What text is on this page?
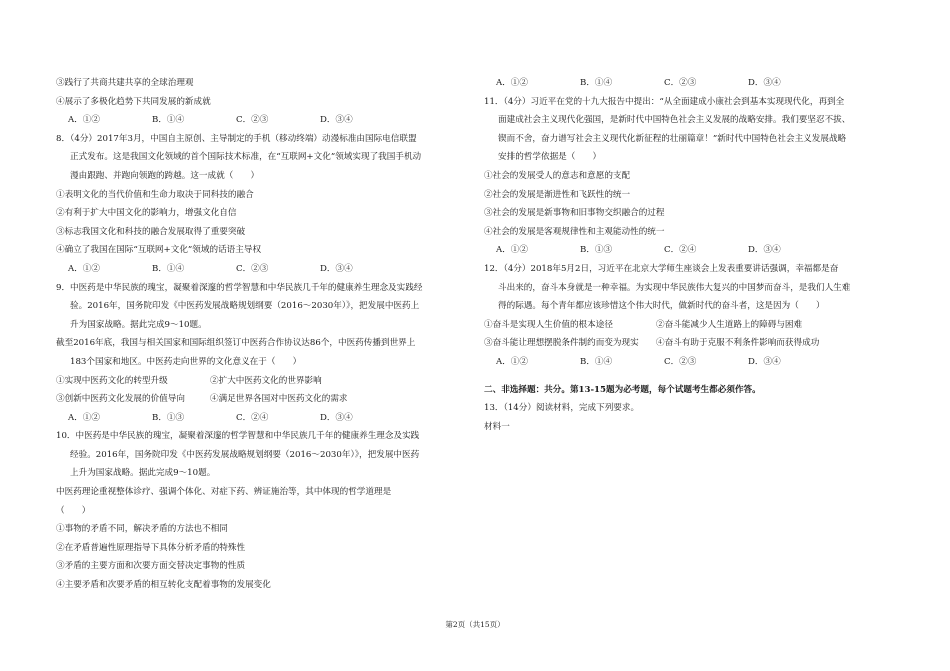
③践行了共商共建共享的全球治理观
④展示了多极化趋势下共同发展的新成就
A．①②	B．①④	C．②③	D．③④
8．（4分）2017年3月，中国自主原创、主导制定的手机（移动终端）动漫标准由国际电信联盟
正式发布。这是我国文化领域的首个国际技术标准，在“互联网+文化”领域实现了我国手机动
漫由跟跑、并跑向领跑的跨越。这一成就（　　）
①表明文化的当代价值和生命力取决于同科技的融合
②有利于扩大中国文化的影响力，增强文化自信
③标志我国文化和科技的融合发展取得了重要突破
④确立了我国在国际“互联网+文化”领域的话语主导权
A．①②	B．①④	C．②③	D．③④
9．中医药是中华民族的瑰宝，凝聚着深邃的哲学智慧和中华民族几千年的健康养生理念及实践经
验。2016年，国务院印发《中医药发展战略规划纲要（2016～2030年）》，把发展中医药上
升为国家战略。据此完成9～10题。
截至2016年底，我国与相关国家和国际组织签订中医药合作协议达86个，中医药传播到世界上
183个国家和地区。中医药走向世界的文化意义在于（　　）
①实现中医药文化的转型升级	②扩大中医药文化的世界影响
③创新中医药文化发展的价值导向	④满足世界各国对中医药文化的需求
A．①②	B．①③	C．②④	D．③④
10．中医药是中华民族的瑰宝，凝聚着深邃的哲学智慧和中华民族几千年的健康养生理念及实践
经验。2016年，国务院印发《中医药发展战略规划纲要（2016～2030年）》，把发展中医药
上升为国家战略。据此完成9～10题。
中医药理论重视整体诊疗、强调个体化、对症下药、辨证施治等，其中体现的哲学道理是
（　　）
①事物的矛盾不同，解决矛盾的方法也不相同
②在矛盾普遍性原理指导下具体分析矛盾的特殊性
③矛盾的主要方面和次要方面交替决定事物的性质
④主要矛盾和次要矛盾的相互转化支配着事物的发展变化
A．①②	B．①④	C．②③	D．③④
11．（4分）习近平在党的十九大报告中提出：“从全面建成小康社会到基本实现现代化，再到全
面建成社会主义现代化强国，是新时代中国特色社会主义发展的战略安排。我们要坚忍不拔、
锲而不舍，奋力谱写社会主义现代化新征程的壮丽篇章！”新时代中国特色社会主义发展战略
安排的哲学依据是（　　）
①社会的发展受人的意志和意愿的支配
②社会的发展是渐进性和飞跃性的统一
③社会的发展是新事物和旧事物交织融合的过程
④社会的发展是客观规律性和主观能动性的统一
A．①②	B．①③	C．②④	D．③④
12．（4分）2018年5月2日，习近平在北京大学师生座谈会上发表重要讲话强调，幸福都是奋
斗出来的，奋斗本身就是一种幸福。为实现中华民族伟大复兴的中国梦而奋斗，是我们人生难
得的际遇。每个青年都应该珍惜这个伟大时代，做新时代的奋斗者，这是因为（　　）
①奋斗是实现人生价值的根本途径	②奋斗能减少人生道路上的障碍与困难
③奋斗能让理想摆脱条件制约而变为现实 ④奋斗有助于克服不利条件影响而获得成功
A．①②	B．①④	C．②③	D．③④
二、非选择题：共分。第13-15题为必考题，每个试题考生都必须作答。
13．（14分）阅读材料，完成下列要求。
材料一
第2页（共15页）
